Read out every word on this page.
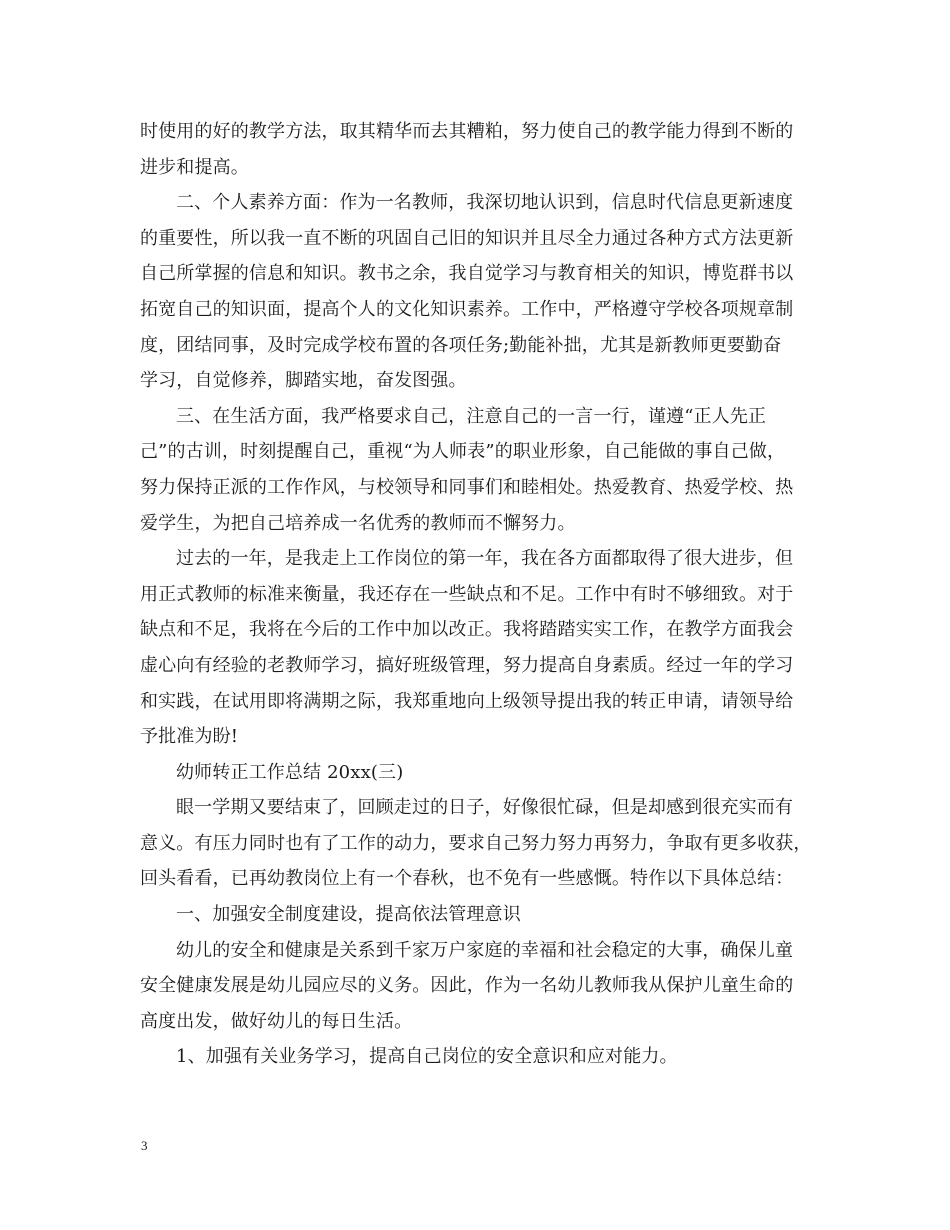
时使用的好的教学方法，取其精华而去其糟粕，努力使自己的教学能力得到不断的
进步和提高。
二、个人素养方面：作为一名教师，我深切地认识到，信息时代信息更新速度
的重要性，所以我一直不断的巩固自己旧的知识并且尽全力通过各种方式方法更新
自己所掌握的信息和知识。教书之余，我自觉学习与教育相关的知识，博览群书以
拓宽自己的知识面，提高个人的文化知识素养。工作中，严格遵守学校各项规章制
度，团结同事，及时完成学校布置的各项任务;勤能补拙，尤其是新教师更要勤奋
学习，自觉修养，脚踏实地，奋发图强。
三、在生活方面，我严格要求自己，注意自己的一言一行，谨遵“正人先正
己”的古训，时刻提醒自己，重视“为人师表”的职业形象，自己能做的事自己做，
努力保持正派的工作作风，与校领导和同事们和睦相处。热爱教育、热爱学校、热
爱学生，为把自己培养成一名优秀的教师而不懈努力。
过去的一年，是我走上工作岗位的第一年，我在各方面都取得了很大进步，但
用正式教师的标准来衡量，我还存在一些缺点和不足。工作中有时不够细致。对于
缺点和不足，我将在今后的工作中加以改正。我将踏踏实实工作，在教学方面我会
虚心向有经验的老教师学习，搞好班级管理，努力提高自身素质。经过一年的学习
和实践，在试用即将满期之际，我郑重地向上级领导提出我的转正申请，请领导给
予批准为盼!
幼师转正工作总结 20xx(三)
眼一学期又要结束了，回顾走过的日子，好像很忙碌，但是却感到很充实而有
意义。有压力同时也有了工作的动力，要求自己努力努力再努力，争取有更多收获，
回头看看，已再幼教岗位上有一个春秋，也不免有一些感慨。特作以下具体总结：
一、加强安全制度建设，提高依法管理意识
幼儿的安全和健康是关系到千家万户家庭的幸福和社会稳定的大事，确保儿童
安全健康发展是幼儿园应尽的义务。因此，作为一名幼儿教师我从保护儿童生命的
高度出发，做好幼儿的每日生活。
1、加强有关业务学习，提高自己岗位的安全意识和应对能力。
3
